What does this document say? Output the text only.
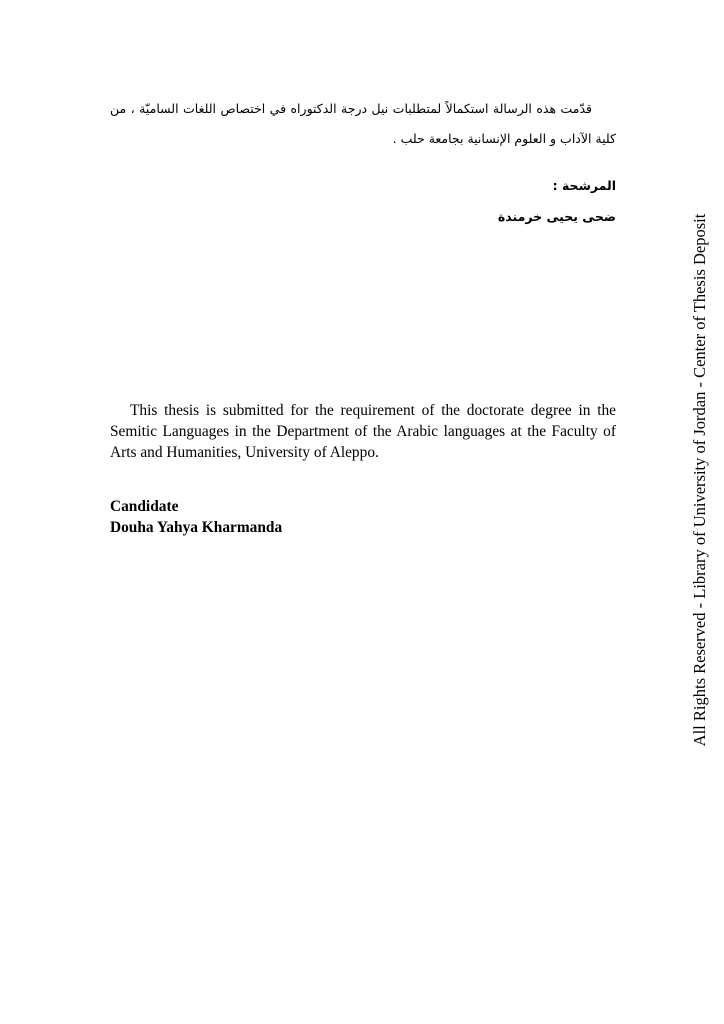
قدّمت هذه الرسالة استكمالاً لمتطلبات نيل درجة الدكتوراه في اختصاص اللغات الساميّة ، من كلية الآداب و العلوم الإنسانية بجامعة حلب .
المرشحة :
ضحى يحيى خرمندة
This thesis is submitted for the requirement of the doctorate degree in the Semitic Languages in the Department of the Arabic languages at the Faculty of Arts and Humanities, University of Aleppo.
Candidate
Douha Yahya Kharmanda	All Rights Reserved - Library of University of Jordan - Center of Thesis Deposit
